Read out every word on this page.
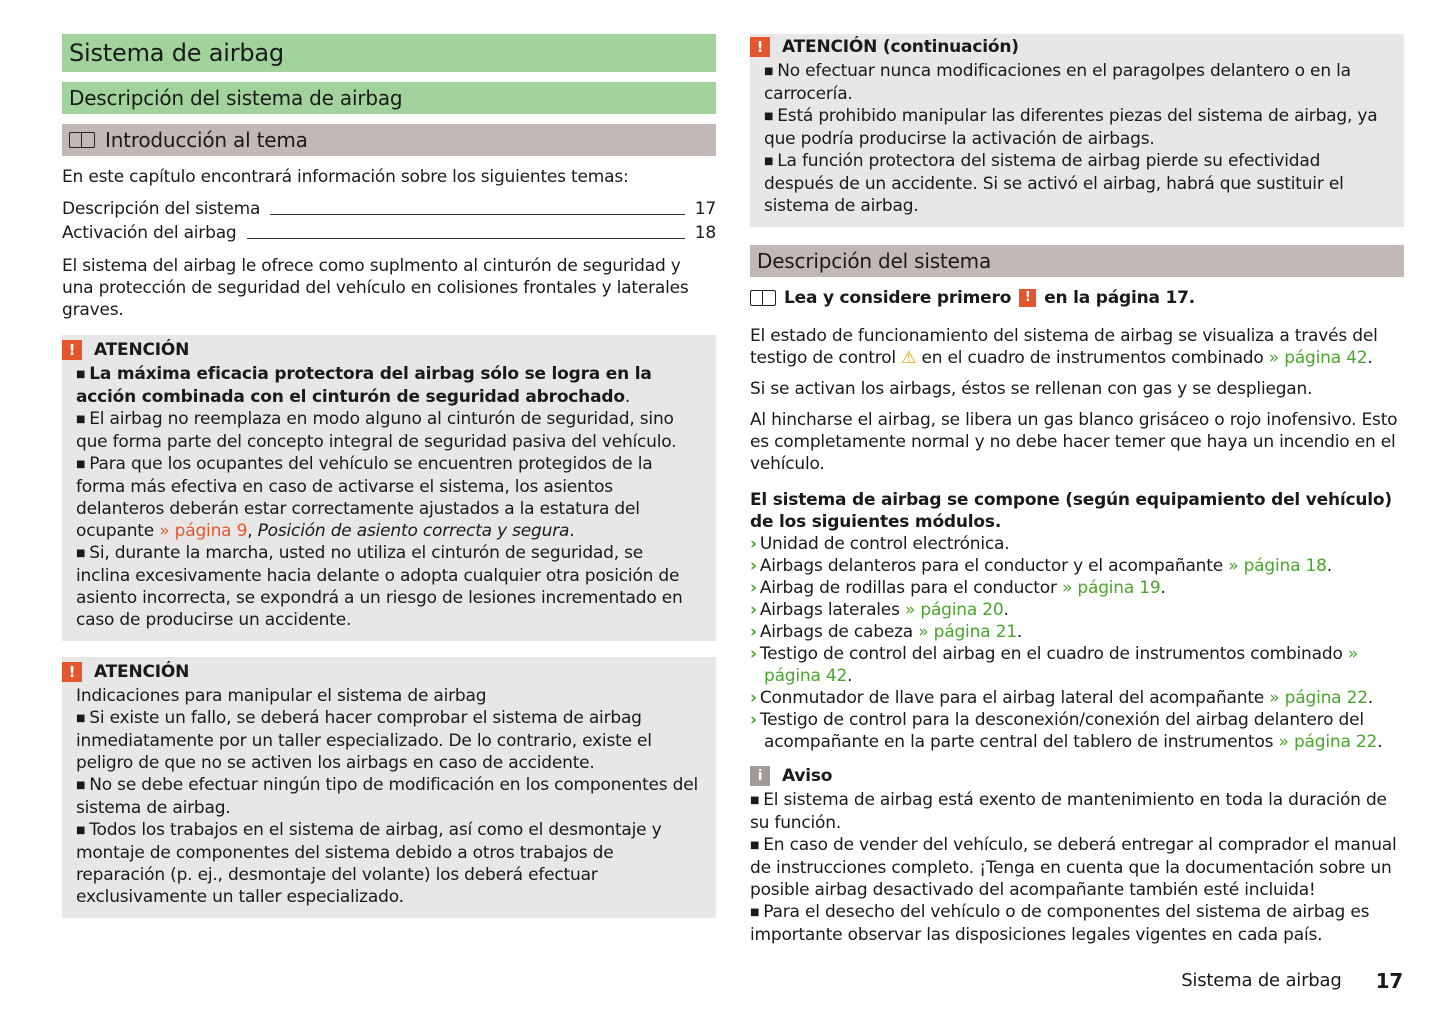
Sistema de airbag
Descripción del sistema de airbag
Introducción al tema

En este capítulo encontrará información sobre los siguientes temas:

Descripción del sistema	17
Activación del airbag	18

El sistema del airbag le ofrece como suplmento al cinturón de seguridad y una protección de seguridad del vehículo en colisiones frontales y laterales graves.

!	ATENCIÓN
■ La máxima eficacia protectora del airbag sólo se logra en la acción combinada con el cinturón de seguridad abrochado.
■ El airbag no reemplaza en modo alguno al cinturón de seguridad, sino que forma parte del concepto integral de seguridad pasiva del vehículo.
■ Para que los ocupantes del vehículo se encuentren protegidos de la forma más efectiva en caso de activarse el sistema, los asientos delanteros deberán estar correctamente ajustados a la estatura del ocupante » página 9, Posición de asiento correcta y segura.
■ Si, durante la marcha, usted no utiliza el cinturón de seguridad, se inclina excesivamente hacia delante o adopta cualquier otra posición de asiento incorrecta, se expondrá a un riesgo de lesiones incrementado en caso de producirse un accidente.
!	ATENCIÓN
Indicaciones para manipular el sistema de airbag
■ Si existe un fallo, se deberá hacer comprobar el sistema de airbag inmediatamente por un taller especializado. De lo contrario, existe el peligro de que no se activen los airbags en caso de accidente.
■ No se debe efectuar ningún tipo de modificación en los componentes del sistema de airbag.
■ Todos los trabajos en el sistema de airbag, así como el desmontaje y montaje de componentes del sistema debido a otros trabajos de reparación (p. ej., desmontaje del volante) los deberá efectuar exclusivamente un taller especializado.
!	ATENCIÓN (continuación)
■ No efectuar nunca modificaciones en el paragolpes delantero o en la carrocería.
■ Está prohibido manipular las diferentes piezas del sistema de airbag, ya que podría producirse la activación de airbags.
■ La función protectora del sistema de airbag pierde su efectividad después de un accidente. Si se activó el airbag, habrá que sustituir el sistema de airbag.
Descripción del sistema

Lea y considere primero	! en la página 17.

El estado de funcionamiento del sistema de airbag se visualiza a través del testigo de control ⚠ en el cuadro de instrumentos combinado » página 42.

Si se activan los airbags, éstos se rellenan con gas y se despliegan.

Al hincharse el airbag, se libera un gas blanco grisáceo o rojo inofensivo. Esto es completamente normal y no debe hacer temer que haya un incendio en el vehículo.

El sistema de airbag se compone (según equipamiento del vehículo) de los siguientes módulos.
› Unidad de control electrónica.
› Airbags delanteros para el conductor y el acompañante » página 18.
› Airbag de rodillas para el conductor » página 19.
› Airbags laterales » página 20.
› Airbags de cabeza » página 21.
› Testigo de control del airbag en el cuadro de instrumentos combinado » página 42.
› Conmutador de llave para el airbag lateral del acompañante » página 22.
› Testigo de control para la desconexión/conexión del airbag delantero del acompañante en la parte central del tablero de instrumentos » página 22.
i	Aviso
■ El sistema de airbag está exento de mantenimiento en toda la duración de su función.
■ En caso de vender del vehículo, se deberá entregar al comprador el manual de instrucciones completo. ¡Tenga en cuenta que la documentación sobre un posible airbag desactivado del acompañante también esté incluida!
■ Para el desecho del vehículo o de componentes del sistema de airbag es importante observar las disposiciones legales vigentes en cada país.
Sistema de airbag 17
